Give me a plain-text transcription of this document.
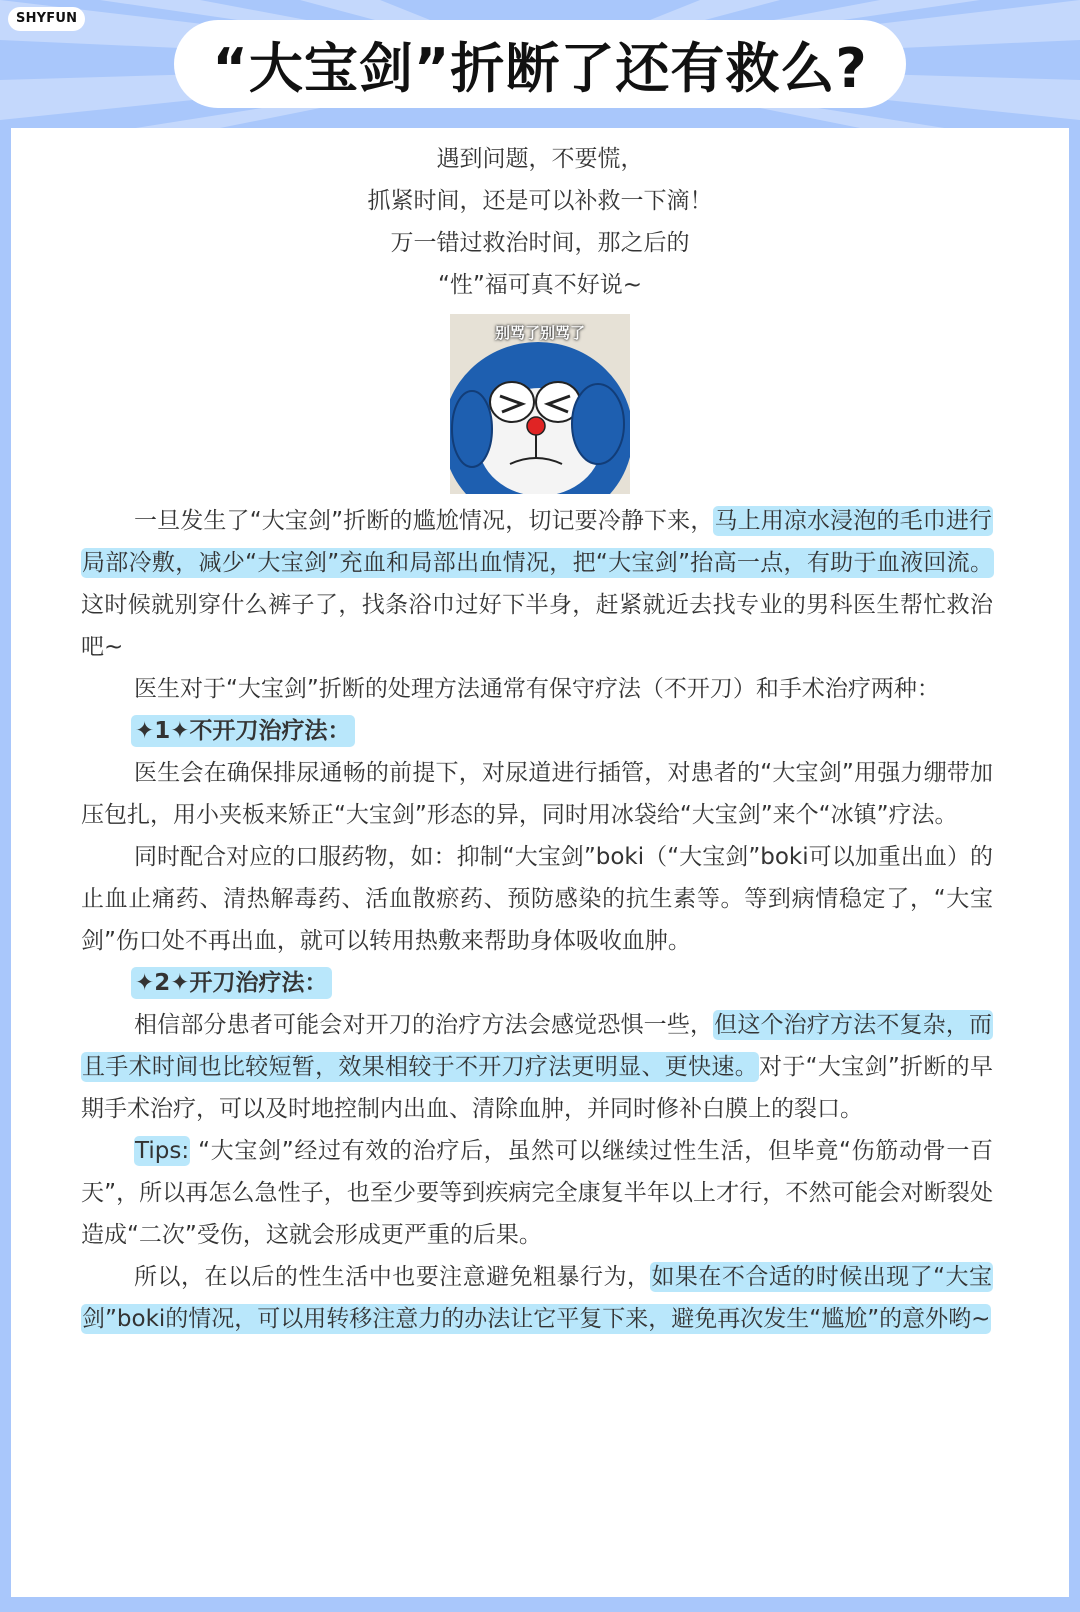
SHYFUN
“大宝剑”折断了还有救么?
遇到问题，不要慌，
抓紧时间，还是可以补救一下滴！
万一错过救治时间，那之后的
“性”福可真不好说~
别骂了别骂了

一旦发生了“大宝剑”折断的尴尬情况，切记要冷静下来，马上用凉水浸泡的毛巾进行局部冷敷，减少“大宝剑”充血和局部出血情况，把“大宝剑”抬高一点，有助于血液回流。这时候就别穿什么裤子了，找条浴巾过好下半身，赶紧就近去找专业的男科医生帮忙救治吧~

医生对于“大宝剑”折断的处理方法通常有保守疗法（不开刀）和手术治疗两种：

✦1✦不开刀治疗法：

医生会在确保排尿通畅的前提下，对尿道进行插管，对患者的“大宝剑”用强力绷带加压包扎，用小夹板来矫正“大宝剑”形态的异，同时用冰袋给“大宝剑”来个“冰镇”疗法。

同时配合对应的口服药物，如：抑制“大宝剑”boki（“大宝剑”boki可以加重出血）的止血止痛药、清热解毒药、活血散瘀药、预防感染的抗生素等。等到病情稳定了，“大宝剑”伤口处不再出血，就可以转用热敷来帮助身体吸收血肿。

✦2✦开刀治疗法：

相信部分患者可能会对开刀的治疗方法会感觉恐惧一些，但这个治疗方法不复杂，而且手术时间也比较短暂，效果相较于不开刀疗法更明显、更快速。对于“大宝剑”折断的早期手术治疗，可以及时地控制内出血、清除血肿，并同时修补白膜上的裂口。

Tips: “大宝剑”经过有效的治疗后，虽然可以继续过性生活，但毕竟“伤筋动骨一百天”，所以再怎么急性子，也至少要等到疾病完全康复半年以上才行，不然可能会对断裂处造成“二次”受伤，这就会形成更严重的后果。

所以，在以后的性生活中也要注意避免粗暴行为，如果在不合适的时候出现了“大宝剑”boki的情况，可以用转移注意力的办法让它平复下来，避免再次发生“尴尬”的意外哟~
